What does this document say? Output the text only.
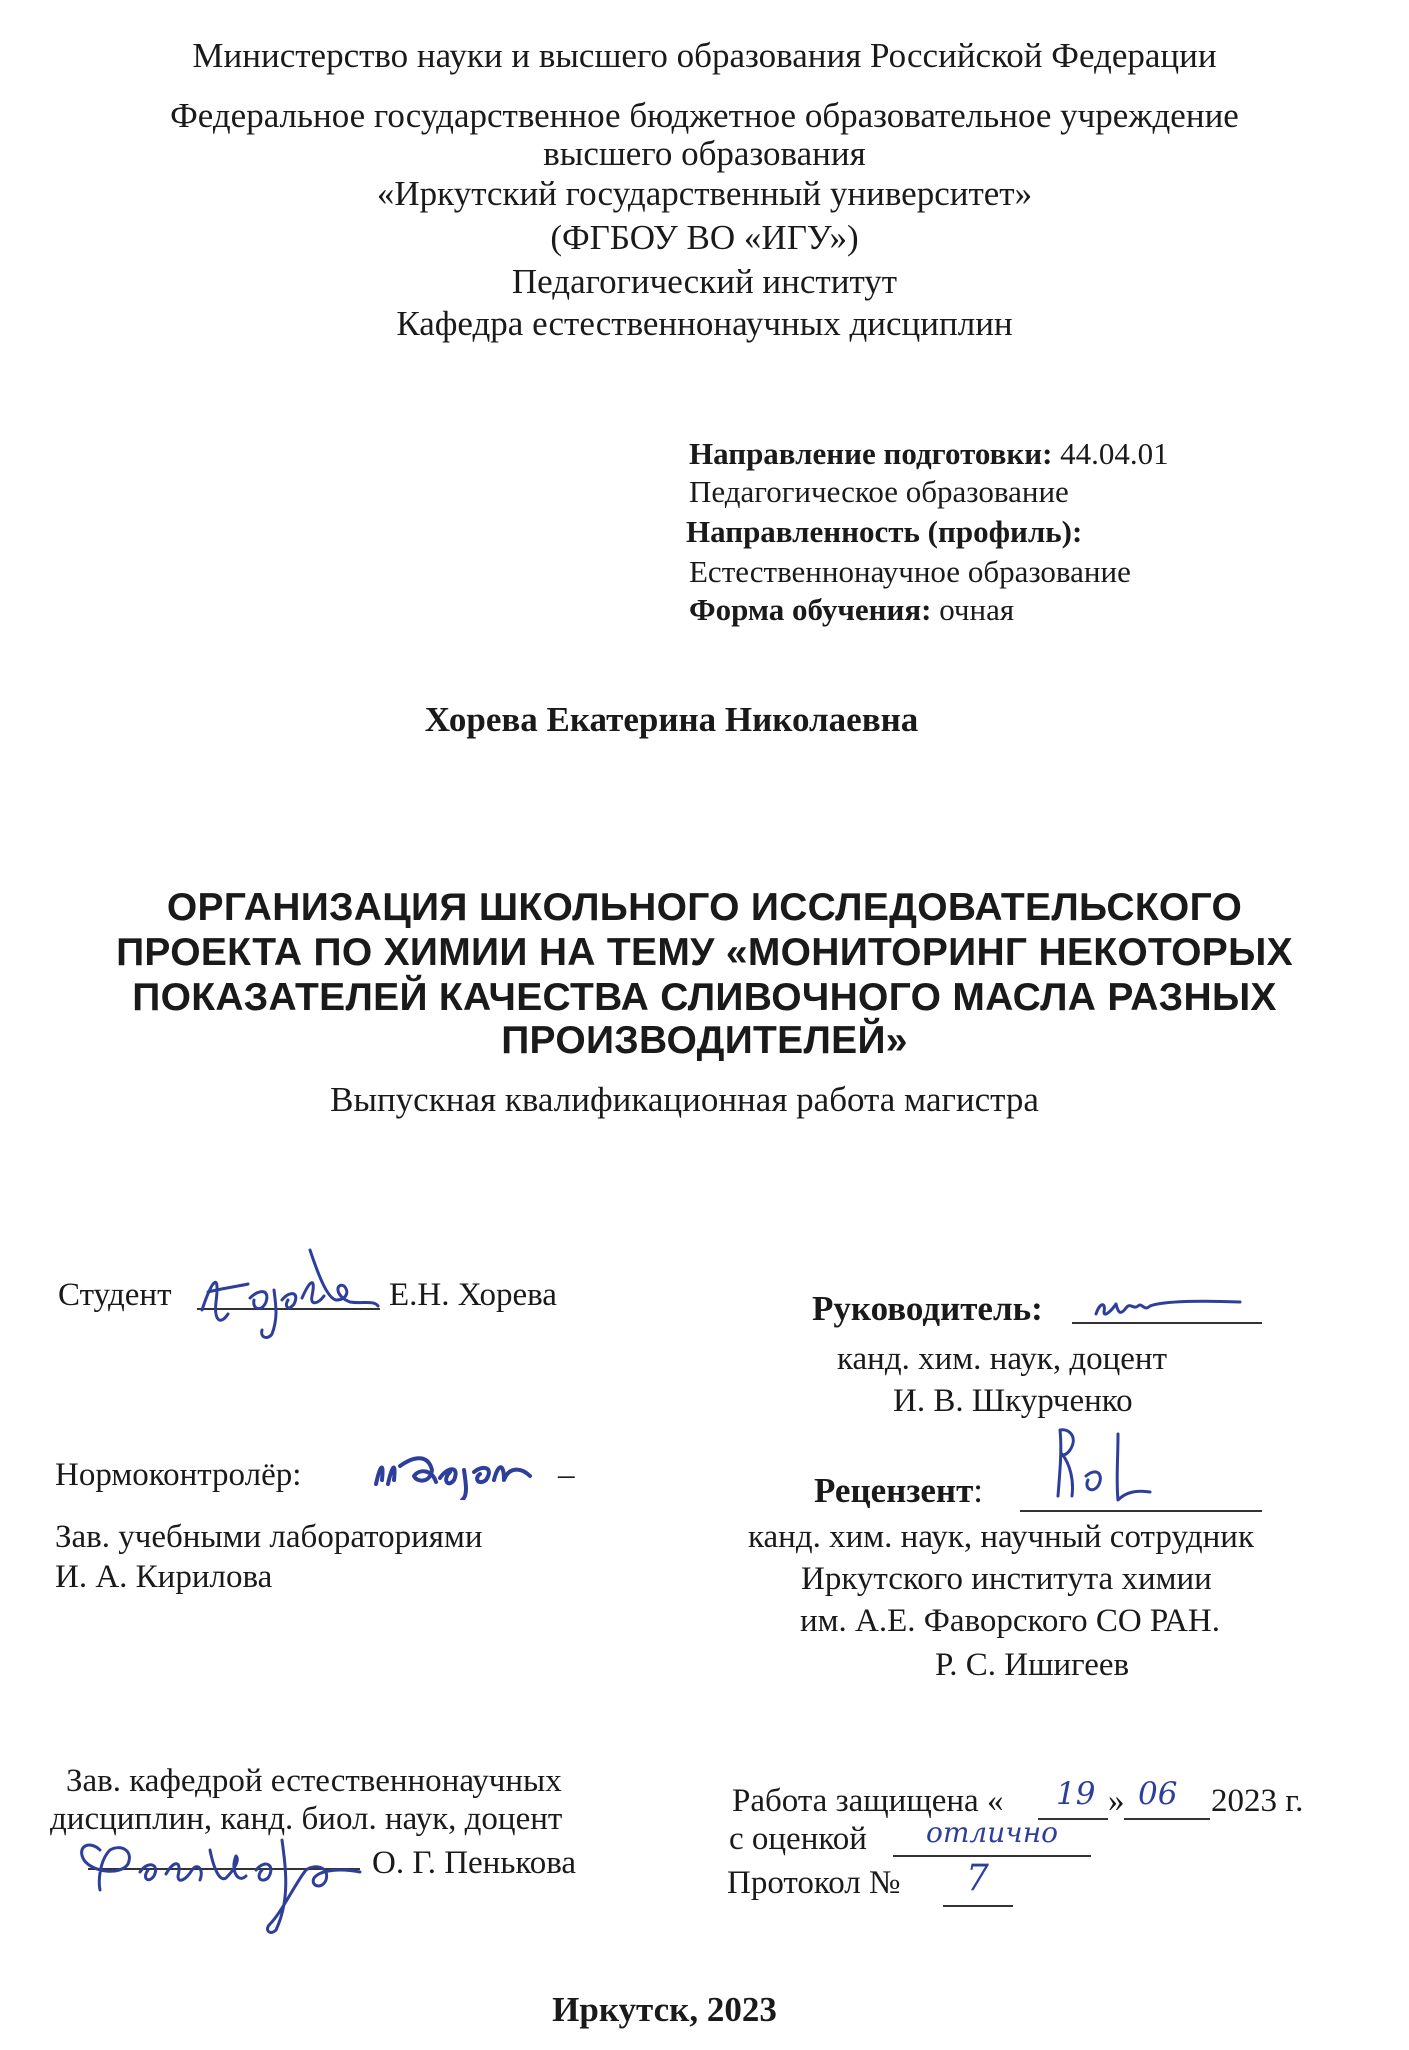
Министерство науки и высшего образования Российской Федерации
Федеральное государственное бюджетное образовательное учреждение
высшего образования
«Иркутский государственный университет»
(ФГБОУ ВО «ИГУ»)
Педагогический институт
Кафедра естественнонаучных дисциплин
Направление подготовки: 44.04.01
Педагогическое образование
Направленность (профиль):
Естественнонаучное образование
Форма обучения: очная
Хорева Екатерина Николаевна
ОРГАНИЗАЦИЯ ШКОЛЬНОГО ИССЛЕДОВАТЕЛЬСКОГО
ПРОЕКТА ПО ХИМИИ НА ТЕМУ «МОНИТОРИНГ НЕКОТОРЫХ
ПОКАЗАТЕЛЕЙ КАЧЕСТВА СЛИВОЧНОГО МАСЛА РАЗНЫХ
ПРОИЗВОДИТЕЛЕЙ»
Выпускная квалификационная работа магистра
Студент	Е.Н. Хорева	Руководитель:
канд. хим. наук, доцент
И. В. Шкурченко
Нормоконтролёр:	–
Зав. учебными лабораториями
И. А. Кирилова
Рецензент:
канд. хим. наук, научный сотрудник
Иркутского института химии
им. А.Е. Фаворского СО РАН.
Р. С. Ишигеев
Зав. кафедрой естественнонаучных
дисциплин, канд. биол. наук, доцент
О. Г. Пенькова
Работа защищена « 19 » 06 2023 г.
с оценкой отлично
Протокол № 7
Иркутск, 2023
